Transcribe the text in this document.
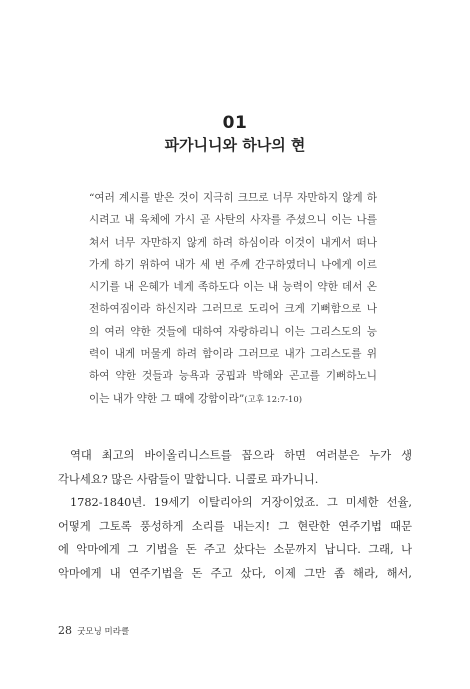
01
파가니니와 하나의 현
“여러 계시를 받은 것이 지극히 크므로 너무 자만하지 않게 하
시려고 내 육체에 가시 곧 사탄의 사자를 주셨으니 이는 나를
쳐서 너무 자만하지 않게 하려 하심이라 이것이 내게서 떠나
가게 하기 위하여 내가 세 번 주께 간구하였더니 나에게 이르
시기를 내 은혜가 네게 족하도다 이는 내 능력이 약한 데서 온
전하여짐이라 하신지라 그러므로 도리어 크게 기뻐함으로 나
의 여러 약한 것들에 대하여 자랑하리니 이는 그리스도의 능
력이 내게 머물게 하려 함이라 그러므로 내가 그리스도를 위
하여 약한 것들과 능욕과 궁핍과 박해와 곤고를 기뻐하노니
이는 내가 약한 그 때에 강함이라”(고후 12:7-10)
역대 최고의 바이올리니스트를 꼽으라 하면 여러분은 누가 생
각나세요? 많은 사람들이 말합니다. 니콜로 파가니니.
1782-1840년. 19세기 이탈리아의 거장이었죠. 그 미세한 선율,
어떻게 그토록 풍성하게 소리를 내는지! 그 현란한 연주기법 때문
에 악마에게 그 기법을 돈 주고 샀다는 소문까지 납니다. 그래, 나
악마에게 내 연주기법을 돈 주고 샀다, 이제 그만 좀 해라, 해서,
28 굿모닝 미라클
